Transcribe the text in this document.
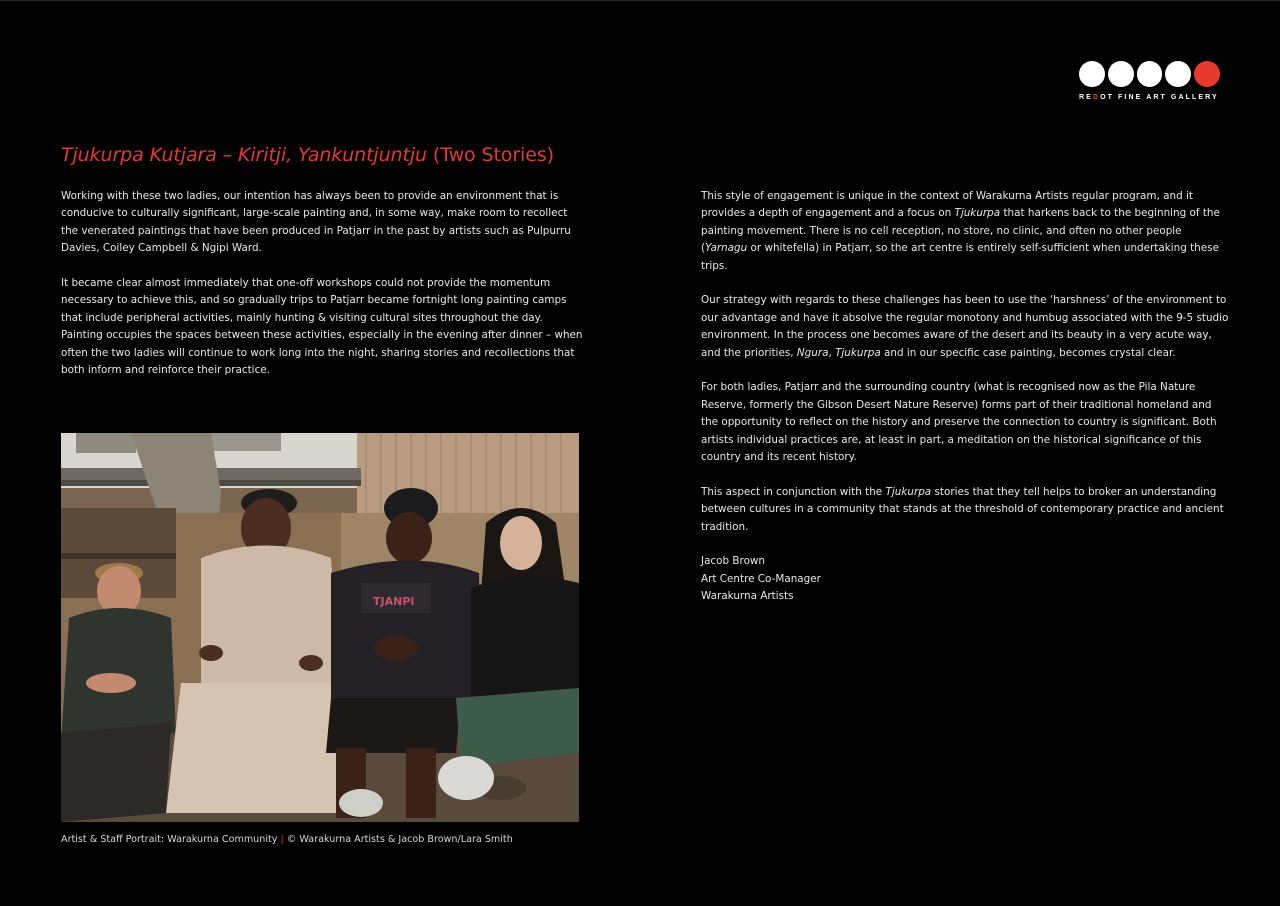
REDOT FINE ART GALLERY
Tjukurpa Kutjara – Kiritji, Yankuntjuntju (Two Stories)

Working with these two ladies, our intention has always been to provide an environment that is conducive to culturally significant, large-scale painting and, in some way, make room to recollect the venerated paintings that have been produced in Patjarr in the past by artists such as Pulpurru Davies, Coiley Campbell & Ngipi Ward.

It became clear almost immediately that one-off workshops could not provide the momentum necessary to achieve this, and so gradually trips to Patjarr became fortnight long painting camps that include peripheral activities, mainly hunting & visiting cultural sites throughout the day. Painting occupies the spaces between these activities, especially in the evening after dinner – when often the two ladies will continue to work long into the night, sharing stories and recollections that both inform and reinforce their practice.

This style of engagement is unique in the context of Warakurna Artists regular program, and it provides a depth of engagement and a focus on Tjukurpa that harkens back to the beginning of the painting movement. There is no cell reception, no store, no clinic, and often no other people (Yarnagu or whitefella) in Patjarr, so the art centre is entirely self-sufficient when undertaking these trips.

Our strategy with regards to these challenges has been to use the ‘harshness’ of the environment to our advantage and have it absolve the regular monotony and humbug associated with the 9-5 studio environment. In the process one becomes aware of the desert and its beauty in a very acute way, and the priorities, Ngura, Tjukurpa and in our specific case painting, becomes crystal clear.

For both ladies, Patjarr and the surrounding country (what is recognised now as the Pila Nature Reserve, formerly the Gibson Desert Nature Reserve) forms part of their traditional homeland and the opportunity to reflect on the history and preserve the connection to country is significant. Both artists individual practices are, at least in part, a meditation on the historical significance of this country and its recent history.

This aspect in conjunction with the Tjukurpa stories that they tell helps to broker an understanding between cultures in a community that stands at the threshold of contemporary practice and ancient tradition.

Jacob Brown
Art Centre Co-Manager
Warakurna Artists

TJANPI
Artist & Staff Portrait: Warakurna Community | © Warakurna Artists & Jacob Brown/Lara Smith
